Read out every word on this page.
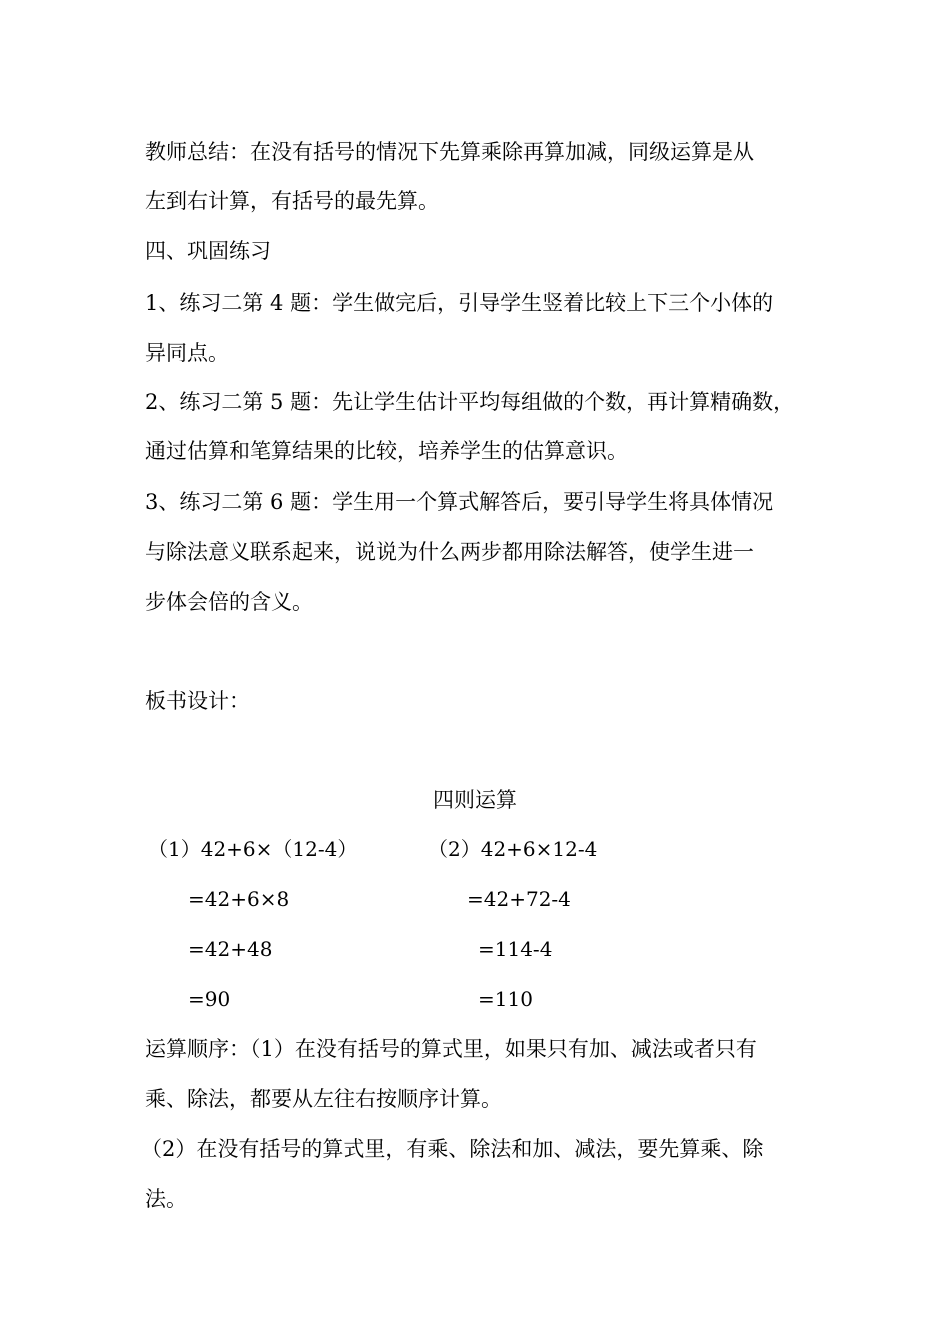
教师总结：在没有括号的情况下先算乘除再算加减，同级运算是从
左到右计算，有括号的最先算。
四、巩固练习
1、练习二第 4 题：学生做完后，引导学生竖着比较上下三个小体的
异同点。
2、练习二第 5 题：先让学生估计平均每组做的个数，再计算精确数，
通过估算和笔算结果的比较，培养学生的估算意识。
3、练习二第 6 题：学生用一个算式解答后，要引导学生将具体情况
与除法意义联系起来，说说为什么两步都用除法解答，使学生进一
步体会倍的含义。
板书设计：
四则运算
（1）42+6×（12-4）
=42+6×8
=42+48
=90
（2）42+6×12-4
=42+72-4
=114-4
=110
运算顺序：（1）在没有括号的算式里，如果只有加、减法或者只有
乘、除法，都要从左往右按顺序计算。
（2）在没有括号的算式里，有乘、除法和加、减法，要先算乘、除
法。
